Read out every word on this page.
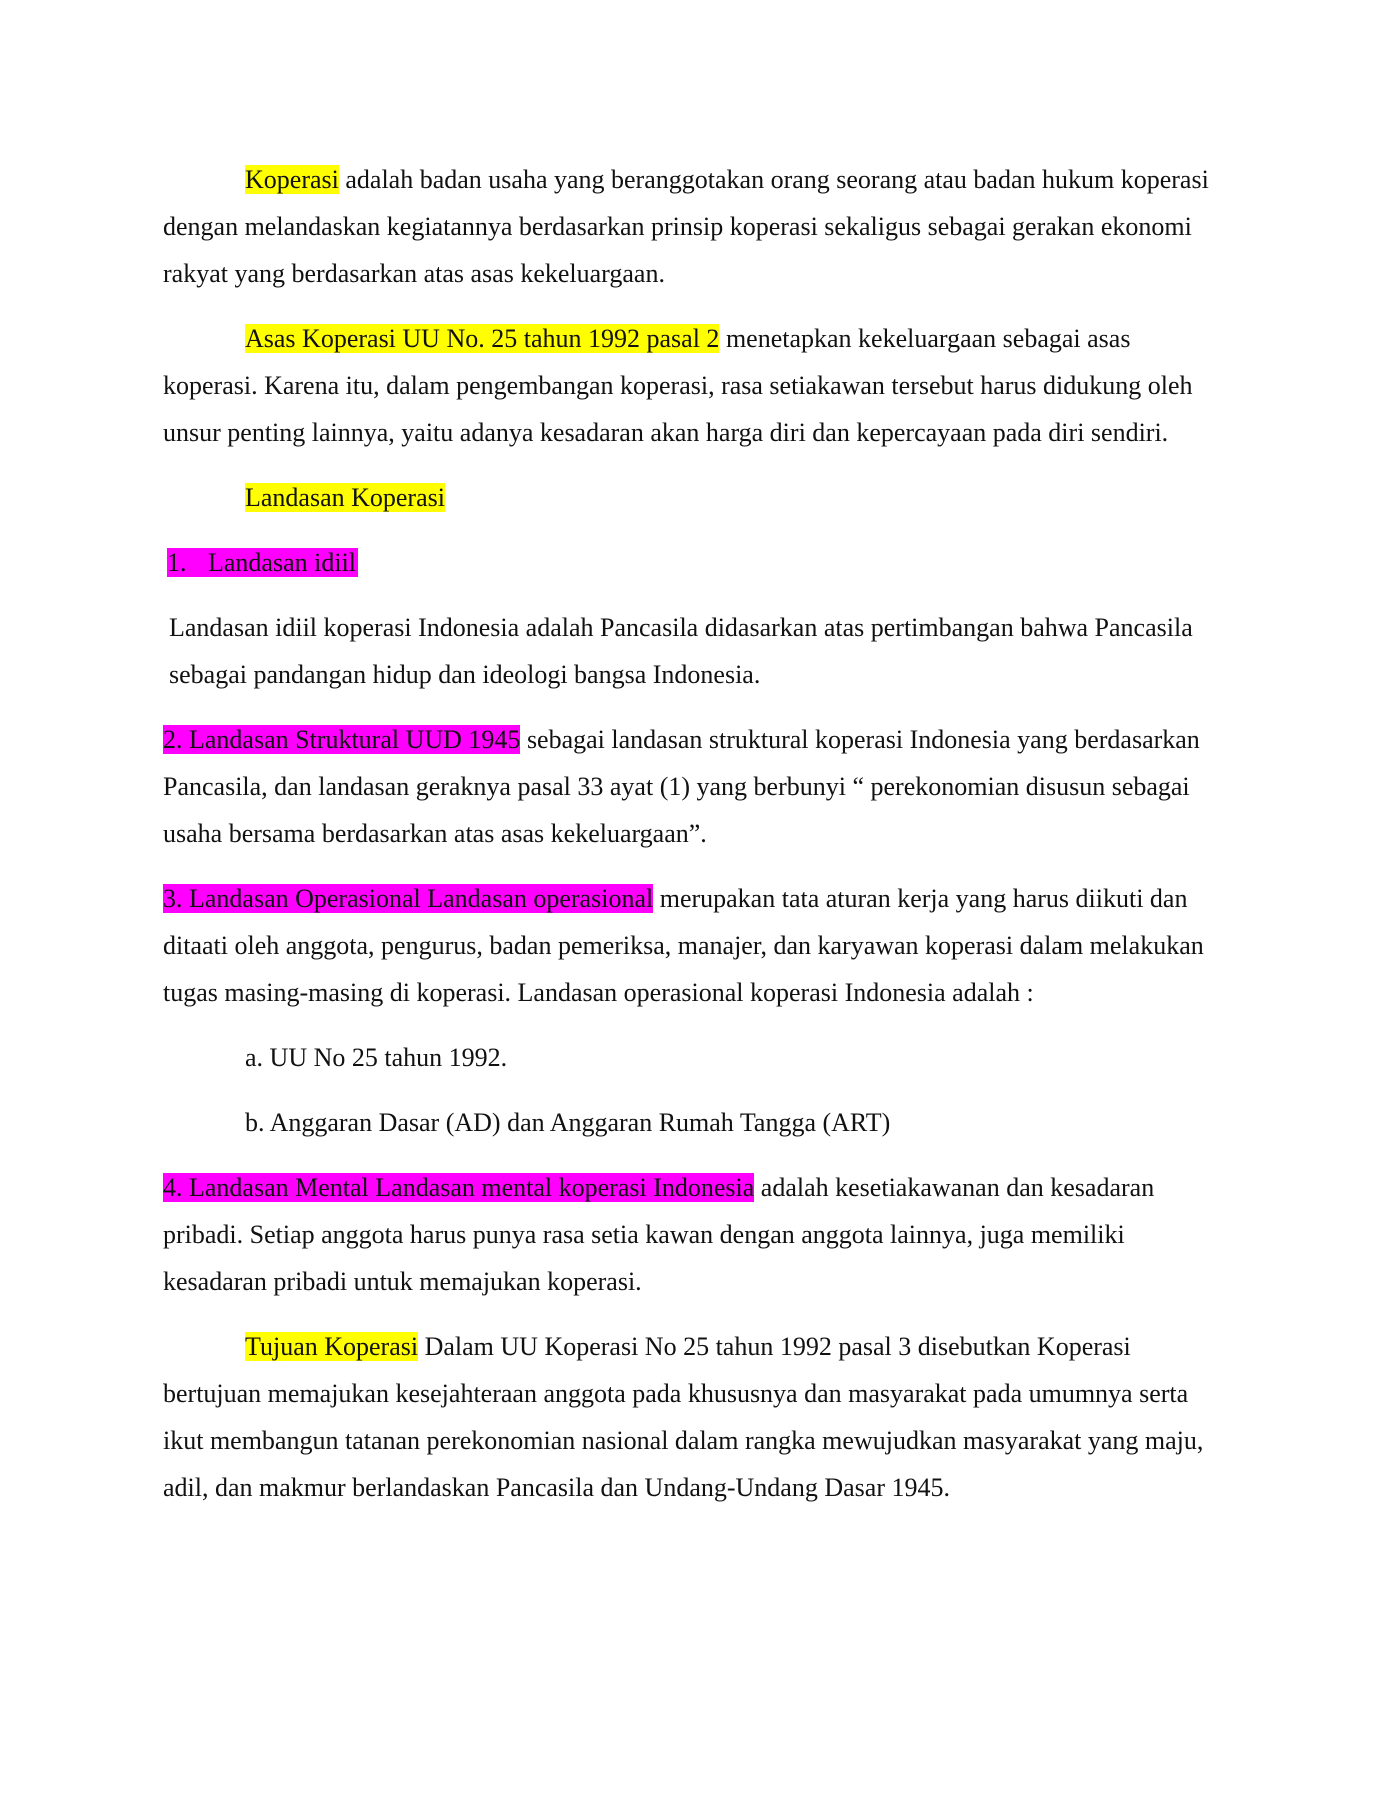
Koperasi adalah badan usaha yang beranggotakan orang seorang atau badan hukum koperasi dengan melandaskan kegiatannya berdasarkan prinsip koperasi sekaligus sebagai gerakan ekonomi rakyat yang berdasarkan atas asas kekeluargaan.

Asas Koperasi UU No. 25 tahun 1992 pasal 2 menetapkan kekeluargaan sebagai asas koperasi. Karena itu, dalam pengembangan koperasi, rasa setiakawan tersebut harus didukung oleh unsur penting lainnya, yaitu adanya kesadaran akan harga diri dan kepercayaan pada diri sendiri.

Landasan Koperasi

1. Landasan idiil

Landasan idiil koperasi Indonesia adalah Pancasila didasarkan atas pertimbangan bahwa Pancasila sebagai pandangan hidup dan ideologi bangsa Indonesia.

2. Landasan Struktural UUD 1945 sebagai landasan struktural koperasi Indonesia yang berdasarkan Pancasila, dan landasan geraknya pasal 33 ayat (1) yang berbunyi “ perekonomian disusun sebagai usaha bersama berdasarkan atas asas kekeluargaan”.

3. Landasan Operasional Landasan operasional merupakan tata aturan kerja yang harus diikuti dan ditaati oleh anggota, pengurus, badan pemeriksa, manajer, dan karyawan koperasi dalam melakukan tugas masing-masing di koperasi. Landasan operasional koperasi Indonesia adalah :

a. UU No 25 tahun 1992.

b. Anggaran Dasar (AD) dan Anggaran Rumah Tangga (ART)

4. Landasan Mental Landasan mental koperasi Indonesia adalah kesetiakawanan dan kesadaran pribadi. Setiap anggota harus punya rasa setia kawan dengan anggota lainnya, juga memiliki kesadaran pribadi untuk memajukan koperasi.

Tujuan Koperasi Dalam UU Koperasi No 25 tahun 1992 pasal 3 disebutkan Koperasi bertujuan memajukan kesejahteraan anggota pada khususnya dan masyarakat pada umumnya serta ikut membangun tatanan perekonomian nasional dalam rangka mewujudkan masyarakat yang maju, adil, dan makmur berlandaskan Pancasila dan Undang-Undang Dasar 1945.
